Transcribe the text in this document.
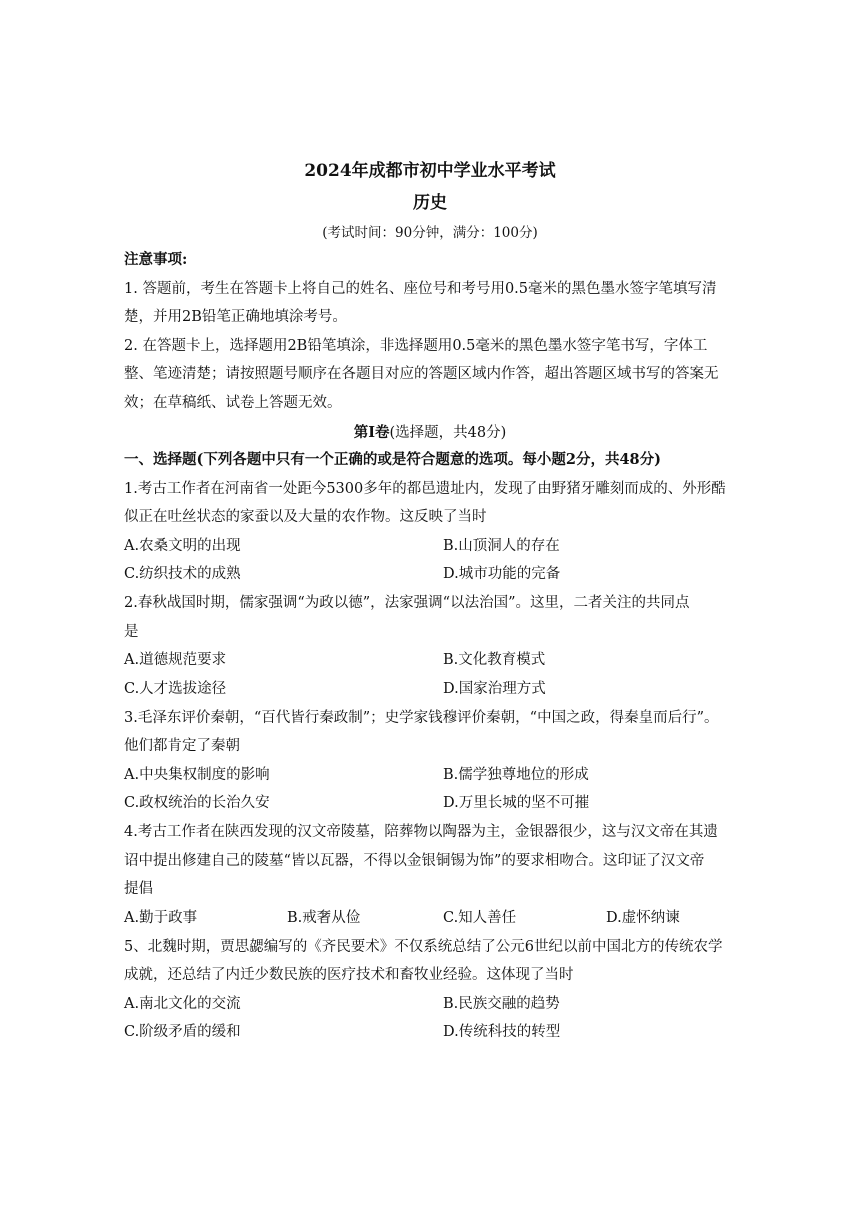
2024年成都市初中学业水平考试
历史
(考试时间：90分钟，满分：100分)
注意事项:
1. 答题前，考生在答题卡上将自己的姓名、座位号和考号用0.5毫米的黑色墨水签字笔填写清
楚，并用2B铅笔正确地填涂考号。
2. 在答题卡上，选择题用2B铅笔填涂，非选择题用0.5毫米的黑色墨水签字笔书写，字体工
整、笔迹清楚；请按照题号顺序在各题目对应的答题区域内作答，超出答题区域书写的答案无
效；在草稿纸、试卷上答题无效。
第Ⅰ卷(选择题，共48分)
一、选择题(下列各题中只有一个正确的或是符合题意的选项。每小题2分，共48分)
1.考古工作者在河南省一处距今5300多年的都邑遗址内，发现了由野猪牙雕刻而成的、外形酷
似正在吐丝状态的家蚕以及大量的农作物。这反映了当时
A.农桑文明的出现	B.山顶洞人的存在
C.纺织技术的成熟	D.城市功能的完备
2.春秋战国时期，儒家强调“为政以德”，法家强调“以法治国”。这里，二者关注的共同点
是
A.道德规范要求	B.文化教育模式
C.人才选拔途径	D.国家治理方式
3.毛泽东评价秦朝，“百代皆行秦政制”；史学家钱穆评价秦朝，“中国之政，得秦皇而后行”。
他们都肯定了秦朝
A.中央集权制度的影响	B.儒学独尊地位的形成
C.政权统治的长治久安	D.万里长城的坚不可摧
4.考古工作者在陕西发现的汉文帝陵墓，陪葬物以陶器为主，金银器很少，这与汉文帝在其遗
诏中提出修建自己的陵墓“皆以瓦器，不得以金银铜锡为饰”的要求相吻合。这印证了汉文帝
提倡
A.勤于政事	B.戒奢从俭	C.知人善任	D.虚怀纳谏
5、北魏时期，贾思勰编写的《齐民要术》不仅系统总结了公元6世纪以前中国北方的传统农学
成就，还总结了内迁少数民族的医疗技术和畜牧业经验。这体现了当时
A.南北文化的交流	B.民族交融的趋势
C.阶级矛盾的缓和	D.传统科技的转型
